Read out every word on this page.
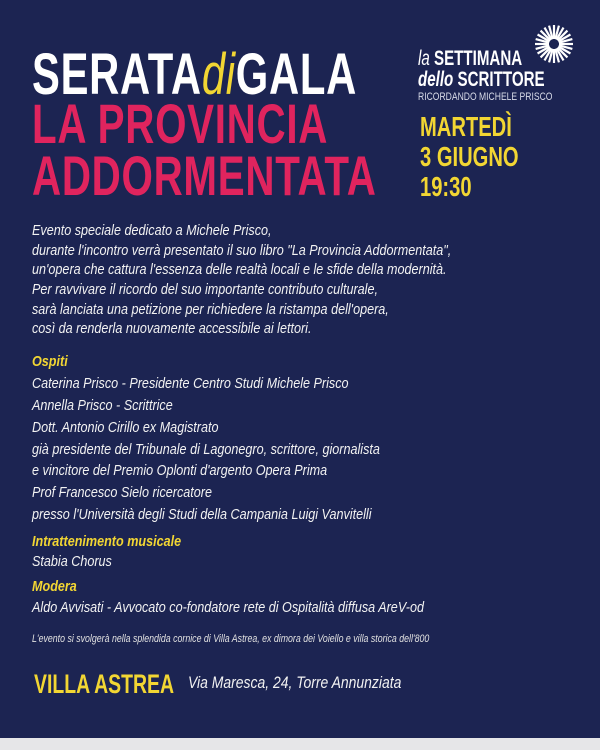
SERATAdiGALA
LA PROVINCIA
ADDORMENTATA
la SETTIMANA
dello SCRITTORE
RICORDANDO MICHELE PRISCO
MARTEDÌ
3 GIUGNO
19:30
Evento speciale dedicato a Michele Prisco,
durante l'incontro verrà presentato il suo libro "La Provincia Addormentata",
un'opera che cattura l'essenza delle realtà locali e le sfide della modernità.
Per ravvivare il ricordo del suo importante contributo culturale,
sarà lanciata una petizione per richiedere la ristampa dell'opera,
così da renderla nuovamente accessibile ai lettori.
Ospiti
Caterina Prisco - Presidente Centro Studi Michele Prisco
Annella Prisco - Scrittrice
Dott. Antonio Cirillo ex Magistrato
già presidente del Tribunale di Lagonegro, scrittore, giornalista
e vincitore del Premio Oplonti d'argento Opera Prima
Prof Francesco Sielo ricercatore
presso l'Università degli Studi della Campania Luigi Vanvitelli
Intrattenimento musicale
Stabia Chorus
Modera
Aldo Avvisati - Avvocato co-fondatore rete di Ospitalità diffusa AreV-od
L'evento si svolgerà nella splendida cornice di Villa Astrea, ex dimora dei Voiello e villa storica dell'800
VILLA ASTREA Via Maresca, 24, Torre Annunziata
